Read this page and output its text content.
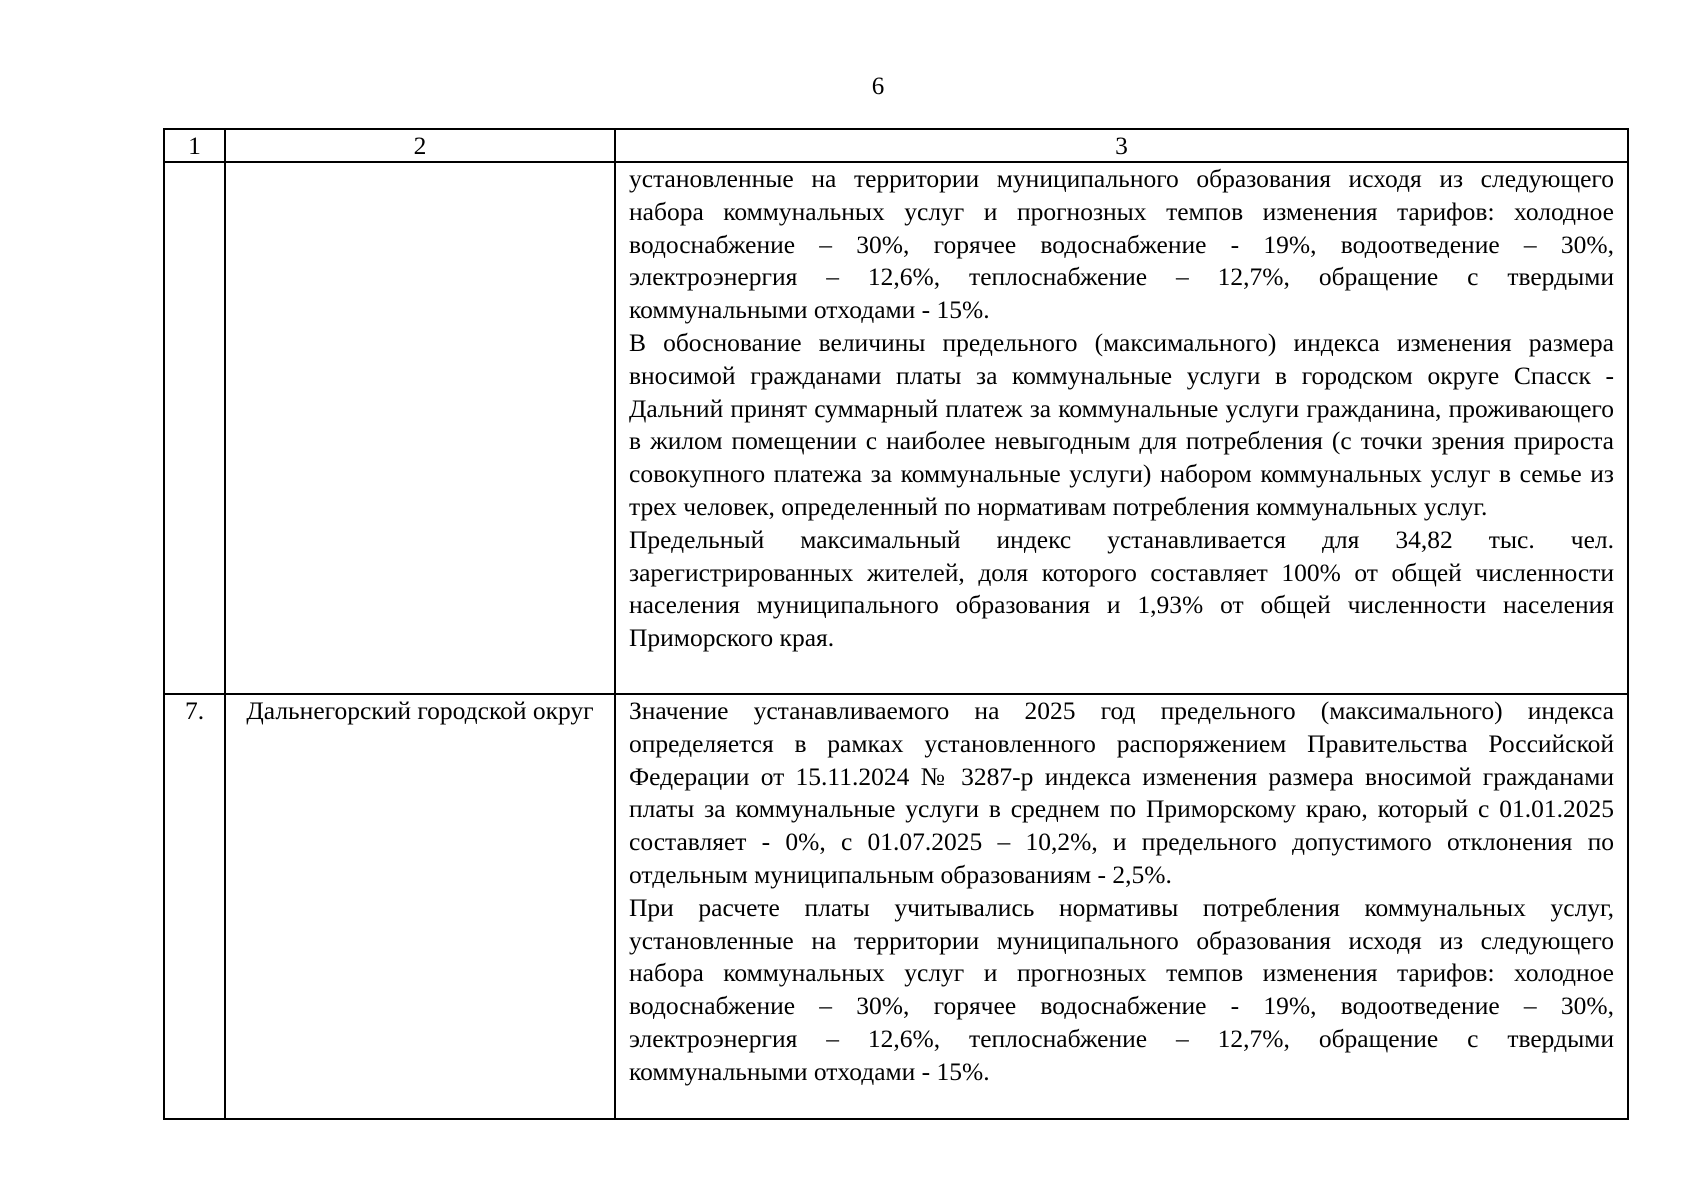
6
1	2	3

		установленные на территории муниципального образования исходя из следующего набора коммунальных услуг и прогнозных темпов изменения тарифов: холодное водоснабжение – 30%, горячее водоснабжение - 19%, водоотведение – 30%, электроэнергия – 12,6%, теплоснабжение – 12,7%, обращение с твердыми коммунальными отходами - 15%.

В обоснование величины предельного (максимального) индекса изменения размера вносимой гражданами платы за коммунальные услуги в городском округе Спасск - Дальний принят суммарный платеж за коммунальные услуги гражданина, проживающего в жилом помещении с наиболее невыгодным для потребления (с точки зрения прироста совокупного платежа за коммунальные услуги) набором коммунальных услуг в семье из трех человек, определенный по нормативам потребления коммунальных услуг.

Предельный максимальный индекс устанавливается для 34,82 тыс. чел. зарегистрированных жителей, доля которого составляет 100% от общей численности населения муниципального образования и 1,93% от общей численности населения Приморского края.

7.	Дальнегорский городской округ	Значение устанавливаемого на 2025 год предельного (максимального) индекса определяется в рамках установленного распоряжением Правительства Российской Федерации от 15.11.2024 № 3287-р индекса изменения размера вносимой гражданами платы за коммунальные услуги в среднем по Приморскому краю, который с 01.01.2025 составляет - 0%, с 01.07.2025 – 10,2%, и предельного допустимого отклонения по отдельным муниципальным образованиям - 2,5%.

При расчете платы учитывались нормативы потребления коммунальных услуг, установленные на территории муниципального образования исходя из следующего набора коммунальных услуг и прогнозных темпов изменения тарифов: холодное водоснабжение – 30%, горячее водоснабжение - 19%, водоотведение – 30%, электроэнергия – 12,6%, теплоснабжение – 12,7%, обращение с твердыми коммунальными отходами - 15%.
